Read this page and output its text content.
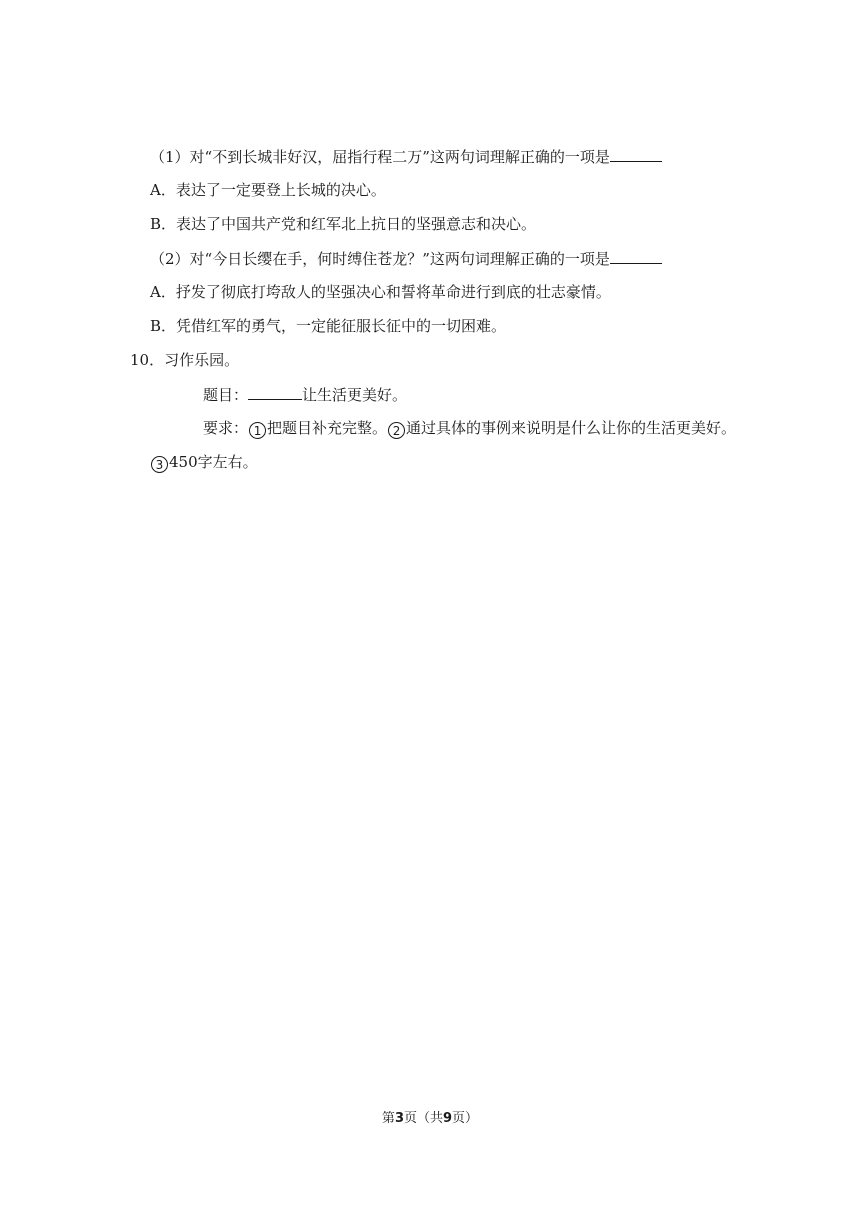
（1）对“不到长城非好汉，屈指行程二万”这两句词理解正确的一项是
A．表达了一定要登上长城的决心。
B．表达了中国共产党和红军北上抗日的坚强意志和决心。
（2）对“今日长缨在手，何时缚住苍龙？”这两句词理解正确的一项是
A．抒发了彻底打垮敌人的坚强决心和誓将革命进行到底的壮志豪情。
B．凭借红军的勇气，一定能征服长征中的一切困难。
10．习作乐园。
题目：	让生活更美好。
要求： 1 把题目补充完整。 2 通过具体的事例来说明是什么让你的生活更美好。
3 450字左右。
第3页（共9页）
